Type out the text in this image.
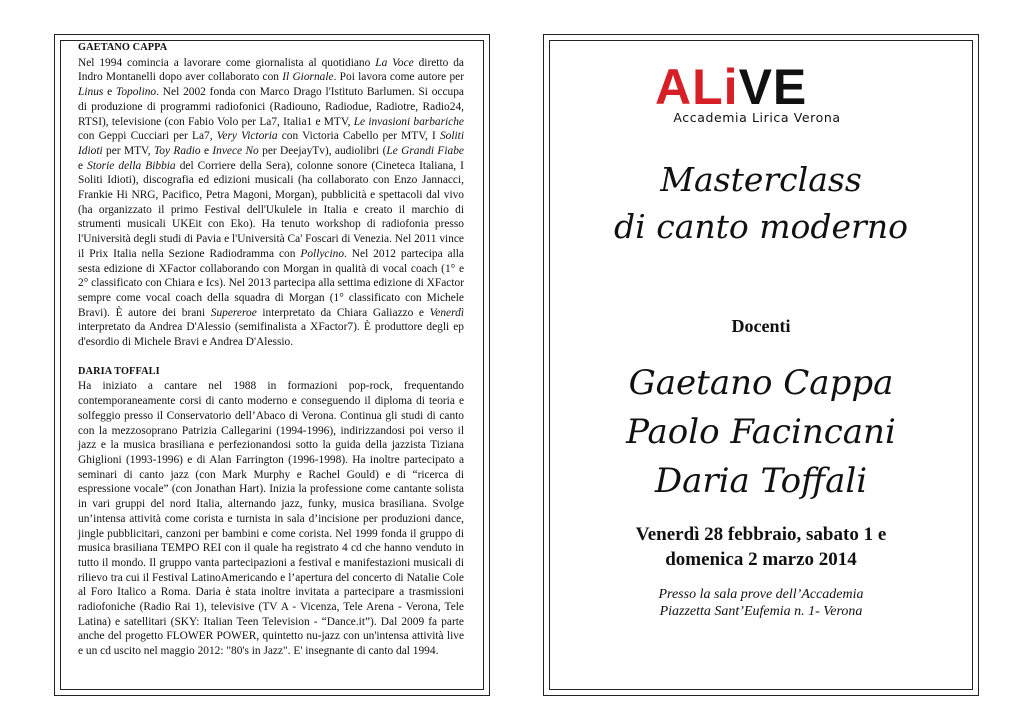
GAETANO CAPPA

Nel 1994 comincia a lavorare come giornalista al quotidiano La Voce diretto da Indro Montanelli dopo aver collaborato con Il Giornale. Poi lavora come autore per Linus e Topolino. Nel 2002 fonda con Marco Drago l'Istituto Barlumen. Si occupa di produzione di programmi radiofonici (Radiouno, Radiodue, Radiotre, Radio24, RTSI), televisione (con Fabio Volo per La7, Italia1 e MTV, Le invasioni barbariche con Geppi Cucciari per La7, Very Victoria con Victoria Cabello per MTV, I Soliti Idioti per MTV, Toy Radio e Invece No per DeejayTv), audiolibri (Le Grandi Fiabe e Storie della Bibbia del Corriere della Sera), colonne sonore (Cineteca Italiana, I Soliti Idioti), discografia ed edizioni musicali (ha collaborato con Enzo Jannacci, Frankie Hi NRG, Pacifico, Petra Magoni, Morgan), pubblicità e spettacoli dal vivo (ha organizzato il primo Festival dell'Ukulele in Italia e creato il marchio di strumenti musicali UKEit con Eko). Ha tenuto workshop di radiofonia presso l'Università degli studi di Pavia e l'Università Ca' Foscari di Venezia. Nel 2011 vince il Prix Italia nella Sezione Radiodramma con Pollycino. Nel 2012 partecipa alla sesta edizione di XFactor collaborando con Morgan in qualità di vocal coach (1° e 2° classificato con Chiara e Ics). Nel 2013 partecipa alla settima edizione di XFactor sempre come vocal coach della squadra di Morgan (1° classificato con Michele Bravi). È autore dei brani Supereroe interpretato da Chiara Galiazzo e Venerdì interpretato da Andrea D'Alessio (semifinalista a XFactor7). È produttore degli ep d'esordio di Michele Bravi e Andrea D'Alessio.

DARIA TOFFALI

Ha iniziato a cantare nel 1988 in formazioni pop-rock, frequentando contemporaneamente corsi di canto moderno e conseguendo il diploma di teoria e solfeggio presso il Conservatorio dell’Abaco di Verona. Continua gli studi di canto con la mezzosoprano Patrizia Callegarini (1994-1996), indirizzandosi poi verso il jazz e la musica brasiliana e perfezionandosi sotto la guida della jazzista Tiziana Ghiglioni (1993-1996) e di Alan Farrington (1996-1998). Ha inoltre partecipato a seminari di canto jazz (con Mark Murphy e Rachel Gould) e di “ricerca di espressione vocale” (con Jonathan Hart). Inizia la professione come cantante solista in vari gruppi del nord Italia, alternando jazz, funky, musica brasiliana. Svolge un’intensa attività come corista e turnista in sala d’incisione per produzioni dance, jingle pubblicitari, canzoni per bambini e come corista. Nel 1999 fonda il gruppo di musica brasiliana TEMPO REI con il quale ha registrato 4 cd che hanno venduto in tutto il mondo. Il gruppo vanta partecipazioni a festival e manifestazioni musicali di rilievo tra cui il Festival LatinoAmericando e l’apertura del concerto di Natalie Cole al Foro Italico a Roma. Daria è stata inoltre invitata a partecipare a trasmissioni radiofoniche (Radio Rai 1), televisive (TV A - Vicenza, Tele Arena - Verona, Tele Latina) e satellitari (SKY: Italian Teen Television - “Dance.it”). Dal 2009 fa parte anche del progetto FLOWER POWER, quintetto nu-jazz con un'intensa attività live e un cd uscito nel maggio 2012: "80's in Jazz". E' insegnante di canto dal 1994.

ALiVE
Accademia Lirica Verona
Masterclass
di canto moderno
Docenti
Gaetano Cappa
Paolo Facincani
Daria Toffali
Venerdì 28 febbraio, sabato 1 e
domenica 2 marzo 2014
Presso la sala prove dell’Accademia
Piazzetta Sant’Eufemia n. 1- Verona
